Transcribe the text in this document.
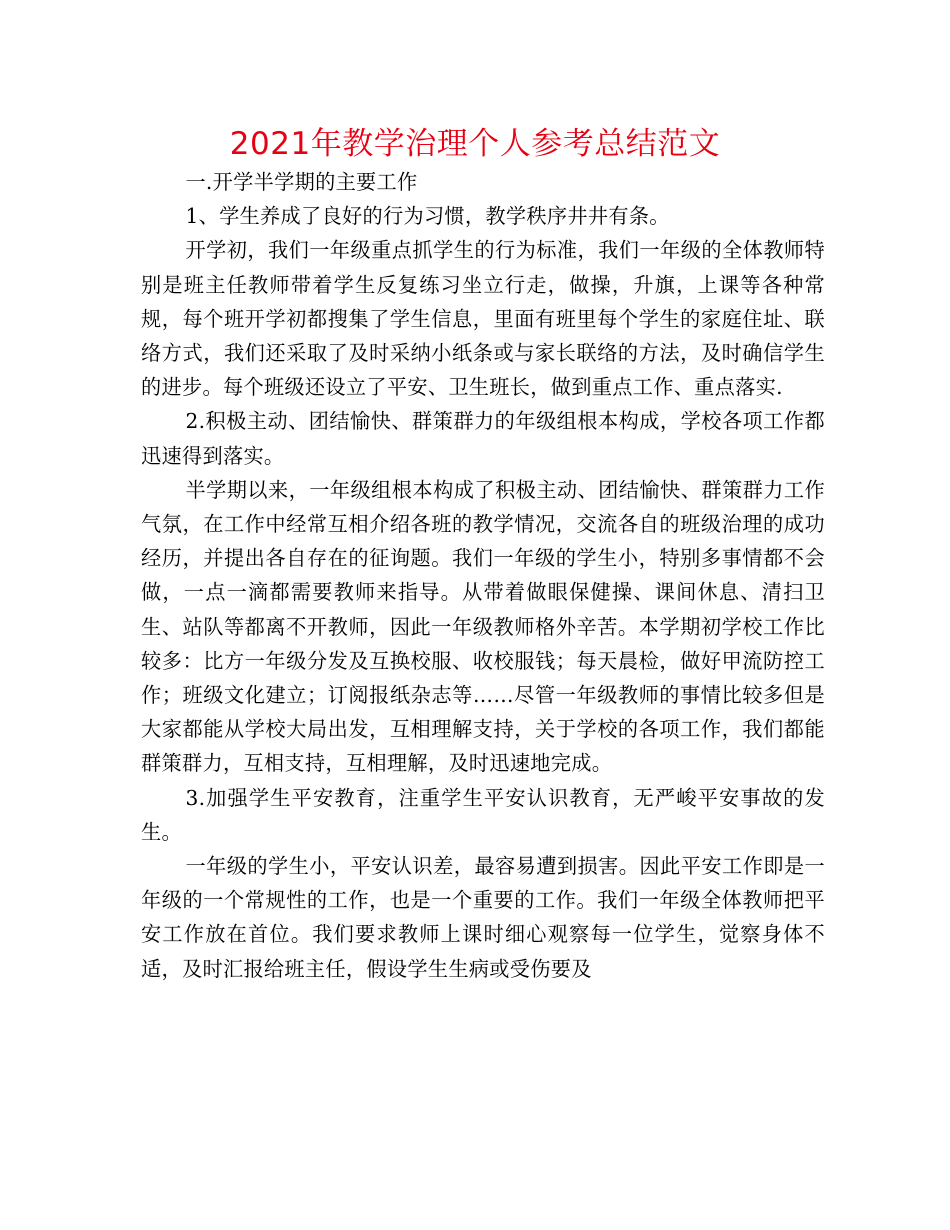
2021年教学治理个人参考总结范文

一.开学半学期的主要工作

1、学生养成了良好的行为习惯，教学秩序井井有条。

开学初，我们一年级重点抓学生的行为标准，我们一年级的全体教师特别是班主任教师带着学生反复练习坐立行走，做操，升旗，上课等各种常规，每个班开学初都搜集了学生信息，里面有班里每个学生的家庭住址、联络方式，我们还采取了及时采纳小纸条或与家长联络的方法，及时确信学生的进步。每个班级还设立了平安、卫生班长，做到重点工作、重点落实.

2.积极主动、团结愉快、群策群力的年级组根本构成，学校各项工作都迅速得到落实。

半学期以来，一年级组根本构成了积极主动、团结愉快、群策群力工作气氛，在工作中经常互相介绍各班的教学情况，交流各自的班级治理的成功经历，并提出各自存在的征询题。我们一年级的学生小，特别多事情都不会做，一点一滴都需要教师来指导。从带着做眼保健操、课间休息、清扫卫生、站队等都离不开教师，因此一年级教师格外辛苦。本学期初学校工作比较多：比方一年级分发及互换校服、收校服钱；每天晨检，做好甲流防控工作；班级文化建立；订阅报纸杂志等……尽管一年级教师的事情比较多但是大家都能从学校大局出发，互相理解支持，关于学校的各项工作，我们都能群策群力，互相支持，互相理解，及时迅速地完成。

3.加强学生平安教育，注重学生平安认识教育，无严峻平安事故的发生。

一年级的学生小，平安认识差，最容易遭到损害。因此平安工作即是一年级的一个常规性的工作，也是一个重要的工作。我们一年级全体教师把平安工作放在首位。我们要求教师上课时细心观察每一位学生，觉察身体不适，及时汇报给班主任，假设学生生病或受伤要及
